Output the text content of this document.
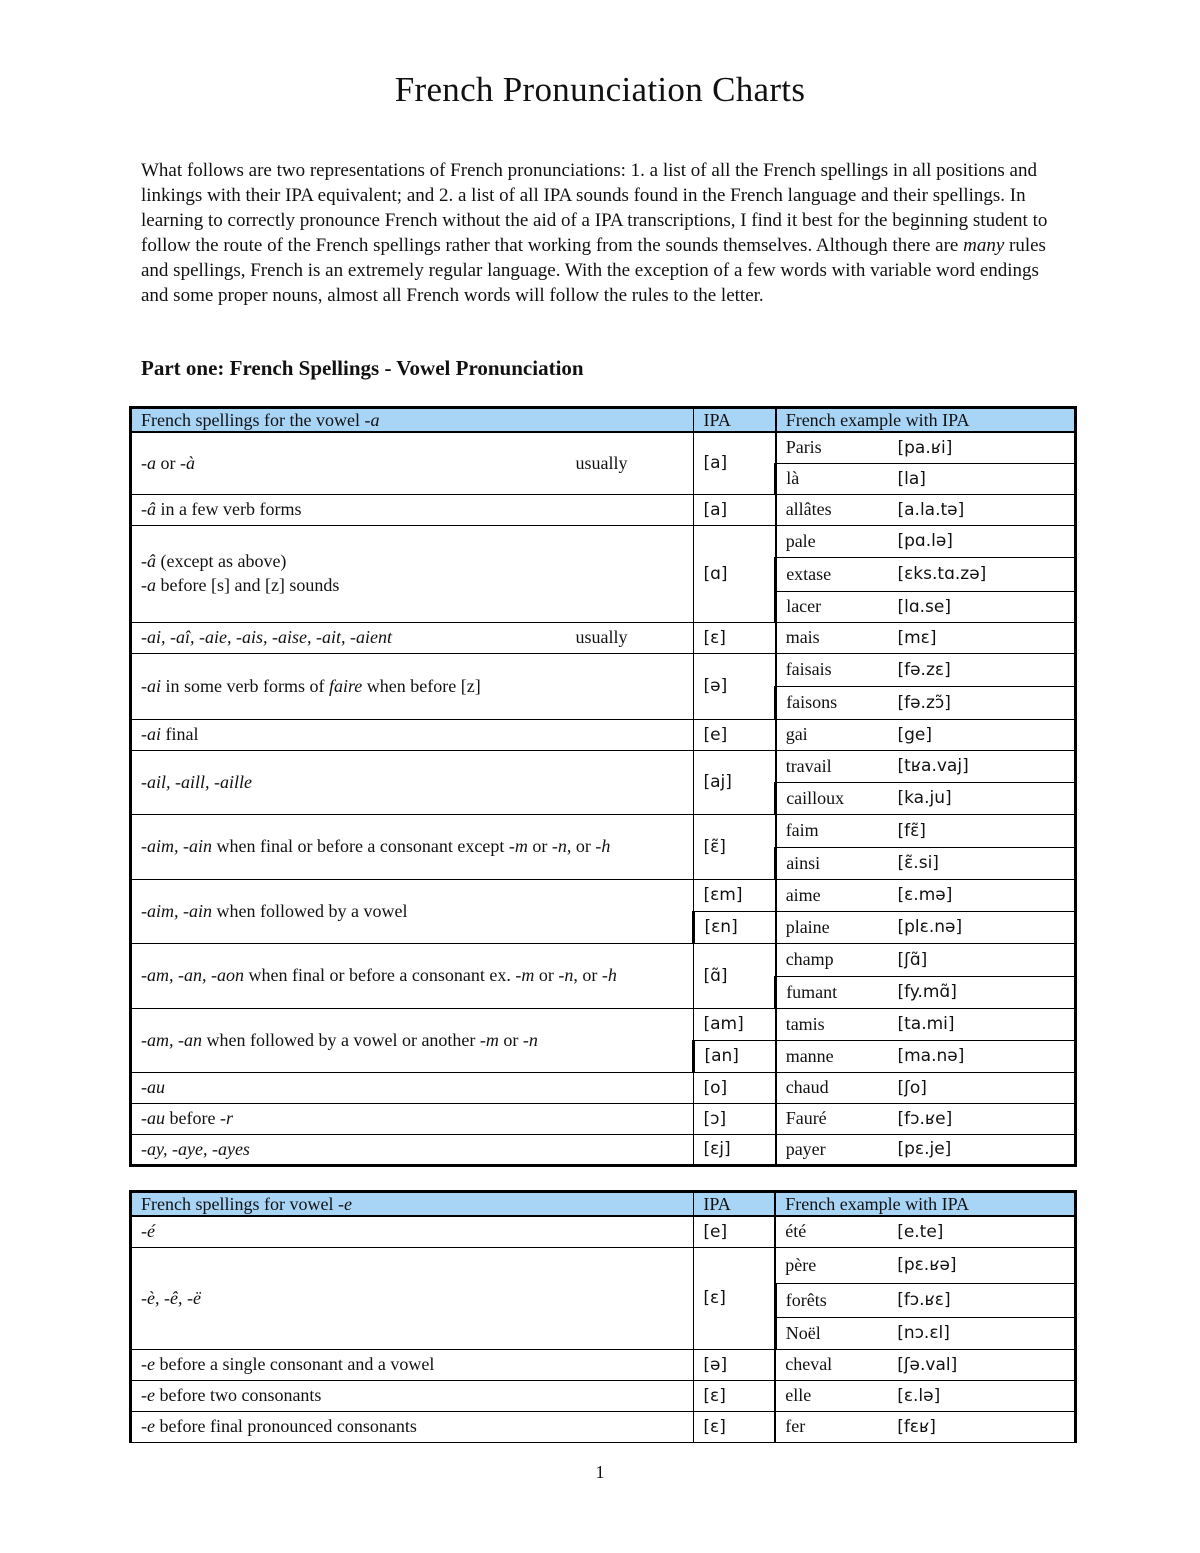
French Pronunciation Charts

What follows are two representations of French pronunciations: 1. a list of all the French spellings in all positions and linkings with their IPA equivalent; and 2. a list of all IPA sounds found in the French language and their spellings. In learning to correctly pronounce French without the aid of a IPA transcriptions, I find it best for the beginning student to follow the route of the French spellings rather that working from the sounds themselves. Although there are many rules and spellings, French is an extremely regular language. With the exception of a few words with variable word endings and some proper nouns, almost all French words will follow the rules to the letter.

Part one: French Spellings - Vowel Pronunciation
French spellings for the vowel -a	IPA	French example with IPA	

-a or -à usually	[a]	Paris	[pa.ʁi]
		là	[la]
-â in a few verb forms	[a]	allâtes	[a.la.tə]

-â (except as above)
-a before [s] and [z] sounds	[ɑ]	pale	[pɑ.lə]
		extase	[ɛks.tɑ.zə]
		lacer	[lɑ.se]

-ai, -aî, -aie, -ais, -aise, -ait, -aient usually	[ɛ]	mais	[mɛ]
-ai in some verb forms of faire when before [z]	[ə]	faisais	[fə.zɛ]
		faisons	[fə.zɔ̃]
-ai final	[e]	gai	[ge]
-ail, -aill, -aille	[aj]	travail	[tʁa.vaj]
		cailloux	[ka.ju]
-aim, -ain when final or before a consonant except -m or -n, or -h	[ɛ̃]	faim	[fɛ̃]
		ainsi	[ɛ̃.si]
-aim, -ain when followed by a vowel	[ɛm]	aime	[ɛ.mə]
	[ɛn]	plaine	[plɛ.nə]
-am, -an, -aon when final or before a consonant ex. -m or -n, or -h	[ɑ̃]	champ	[ʃɑ̃]
		fumant	[fy.mɑ̃]
-am, -an when followed by a vowel or another -m or -n	[am]	tamis	[ta.mi]
	[an]	manne	[ma.nə]
-au	[o]	chaud	[ʃo]
-au before -r	[ɔ]	Fauré	[fɔ.ʁe]
-ay, -aye, -ayes	[ɛj]	payer	[pɛ.je]
French spellings for vowel -e	IPA	French example with IPA	
-é	[e]	été	[e.te]
-è, -ê, -ë	[ɛ]	père	[pɛ.ʁə]
		forêts	[fɔ.ʁɛ]
		Noël	[nɔ.ɛl]
-e before a single consonant and a vowel	[ə]	cheval	[ʃə.val]
-e before two consonants	[ɛ]	elle	[ɛ.lə]
-e before final pronounced consonants	[ɛ]	fer	[fɛʁ]
1
